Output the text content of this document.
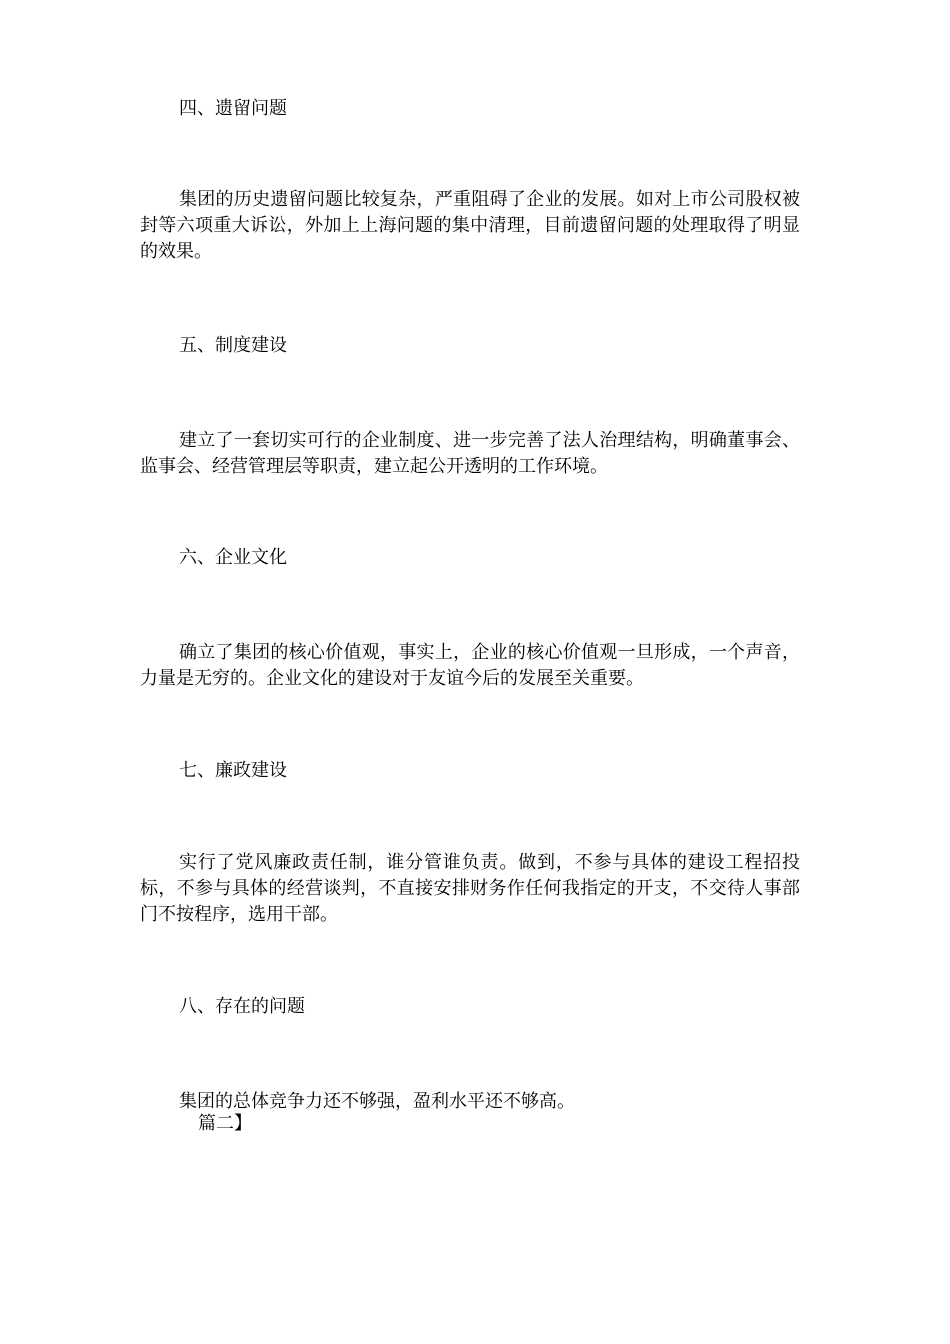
四、遗留问题
集团的历史遗留问题比较复杂，严重阻碍了企业的发展。如对上市公司股权被封等六项重大诉讼，外加上上海问题的集中清理，目前遗留问题的处理取得了明显的效果。
五、制度建设
建立了一套切实可行的企业制度、进一步完善了法人治理结构，明确董事会、监事会、经营管理层等职责，建立起公开透明的工作环境。
六、企业文化
确立了集团的核心价值观，事实上，企业的核心价值观一旦形成，一个声音，力量是无穷的。企业文化的建设对于友谊今后的发展至关重要。
七、廉政建设
实行了党风廉政责任制，谁分管谁负责。做到，不参与具体的建设工程招投标，不参与具体的经营谈判，不直接安排财务作任何我指定的开支，不交待人事部门不按程序，选用干部。
八、存在的问题
集团的总体竞争力还不够强，盈利水平还不够高。
篇二】
